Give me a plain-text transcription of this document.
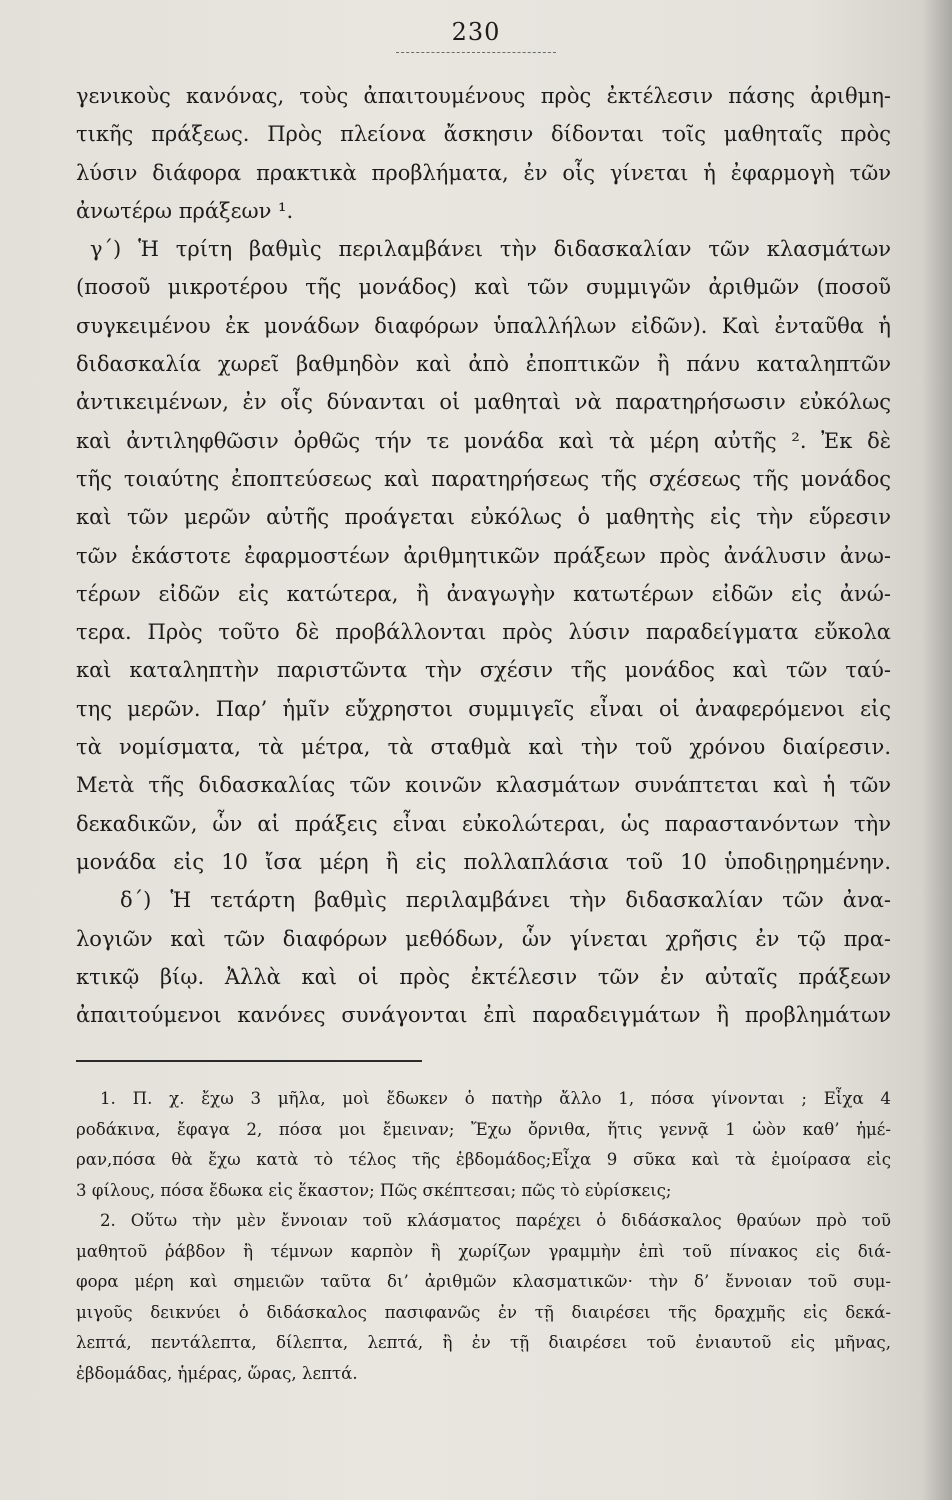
230
γενικοὺς κανόνας, τοὺς ἀπαιτουμένους πρὸς ἐκτέλεσιν πάσης ἀριθμη-
τικῆς πράξεως. Πρὸς πλείονα ἄσκησιν δίδονται τοῖς μαθηταῖς πρὸς
λύσιν διάφορα πρακτικὰ προβλήματα, ἐν οἷς γίνεται ἡ ἐφαρμογὴ τῶν
ἀνωτέρω πράξεων ¹.
γ΄) Ἡ τρίτη βαθμὶς περιλαμβάνει τὴν διδασκαλίαν τῶν κλασμάτων
(ποσοῦ μικροτέρου τῆς μονάδος) καὶ τῶν συμμιγῶν ἀριθμῶν (ποσοῦ
συγκειμένου ἐκ μονάδων διαφόρων ὑπαλλήλων εἰδῶν). Καὶ ἐνταῦθα ἡ
διδασκαλία χωρεῖ βαθμηδὸν καὶ ἀπὸ ἐποπτικῶν ἢ πάνυ καταληπτῶν
ἀντικειμένων, ἐν οἷς δύνανται οἱ μαθηταὶ νὰ παρατηρήσωσιν εὐκόλως
καὶ ἀντιληφθῶσιν ὀρθῶς τήν τε μονάδα καὶ τὰ μέρη αὐτῆς ². Ἐκ δὲ
τῆς τοιαύτης ἐποπτεύσεως καὶ παρατηρήσεως τῆς σχέσεως τῆς μονάδος
καὶ τῶν μερῶν αὐτῆς προάγεται εὐκόλως ὁ μαθητὴς εἰς τὴν εὕρεσιν
τῶν ἑκάστοτε ἐφαρμοστέων ἀριθμητικῶν πράξεων πρὸς ἀνάλυσιν ἀνω-
τέρων εἰδῶν εἰς κατώτερα, ἢ ἀναγωγὴν κατωτέρων εἰδῶν εἰς ἀνώ-
τερα. Πρὸς τοῦτο δὲ προβάλλονται πρὸς λύσιν παραδείγματα εὔκολα
καὶ καταληπτὴν παριστῶντα τὴν σχέσιν τῆς μονάδος καὶ τῶν ταύ-
της μερῶν. Παρ’ ἡμῖν εὔχρηστοι συμμιγεῖς εἶναι οἱ ἀναφερόμενοι εἰς
τὰ νομίσματα, τὰ μέτρα, τὰ σταθμὰ καὶ τὴν τοῦ χρόνου διαίρεσιν.
Μετὰ τῆς διδασκαλίας τῶν κοινῶν κλασμάτων συνάπτεται καὶ ἡ τῶν
δεκαδικῶν, ὧν αἱ πράξεις εἶναι εὐκολώτεραι, ὡς παραστανόντων τὴν
μονάδα εἰς 10 ἴσα μέρη ἢ εἰς πολλαπλάσια τοῦ 10 ὑποδιῃρημένην.
δ΄) Ἡ τετάρτη βαθμὶς περιλαμβάνει τὴν διδασκαλίαν τῶν ἀνα-
λογιῶν καὶ τῶν διαφόρων μεθόδων, ὧν γίνεται χρῆσις ἐν τῷ πρα-
κτικῷ βίῳ. Ἀλλὰ καὶ οἱ πρὸς ἐκτέλεσιν τῶν ἐν αὐταῖς πράξεων
ἀπαιτούμενοι κανόνες συνάγονται ἐπὶ παραδειγμάτων ἢ προβλημάτων
1. Π. χ. ἔχω 3 μῆλα, μοὶ ἔδωκεν ὁ πατὴρ ἄλλο 1, πόσα γίνονται ; Εἶχα 4
ροδάκινα, ἔφαγα 2, πόσα μοι ἔμειναν; Ἔχω ὄρνιθα, ἥτις γεννᾷ 1 ὠὸν καθ’ ἡμέ-
ραν,πόσα θὰ ἔχω κατὰ τὸ τέλος τῆς ἑβδομάδος;Εἶχα 9 σῦκα καὶ τὰ ἐμοίρασα εἰς
3 φίλους, πόσα ἔδωκα εἰς ἕκαστον; Πῶς σκέπτεσαι; πῶς τὸ εὑρίσκεις;
2. Οὕτω τὴν μὲν ἔννοιαν τοῦ κλάσματος παρέχει ὁ διδάσκαλος θραύων πρὸ τοῦ
μαθητοῦ ῥάβδον ἢ τέμνων καρπὸν ἢ χωρίζων γραμμὴν ἐπὶ τοῦ πίνακος εἰς διά-
φορα μέρη καὶ σημειῶν ταῦτα δι’ ἀριθμῶν κλασματικῶν· τὴν δ’ ἔννοιαν τοῦ συμ-
μιγοῦς δεικνύει ὁ διδάσκαλος πασιφανῶς ἐν τῇ διαιρέσει τῆς δραχμῆς εἰς δεκά-
λεπτά, πεντάλεπτα, δίλεπτα, λεπτά, ἢ ἐν τῇ διαιρέσει τοῦ ἐνιαυτοῦ εἰς μῆνας,
ἑβδομάδας, ἡμέρας, ὥρας, λεπτά.
